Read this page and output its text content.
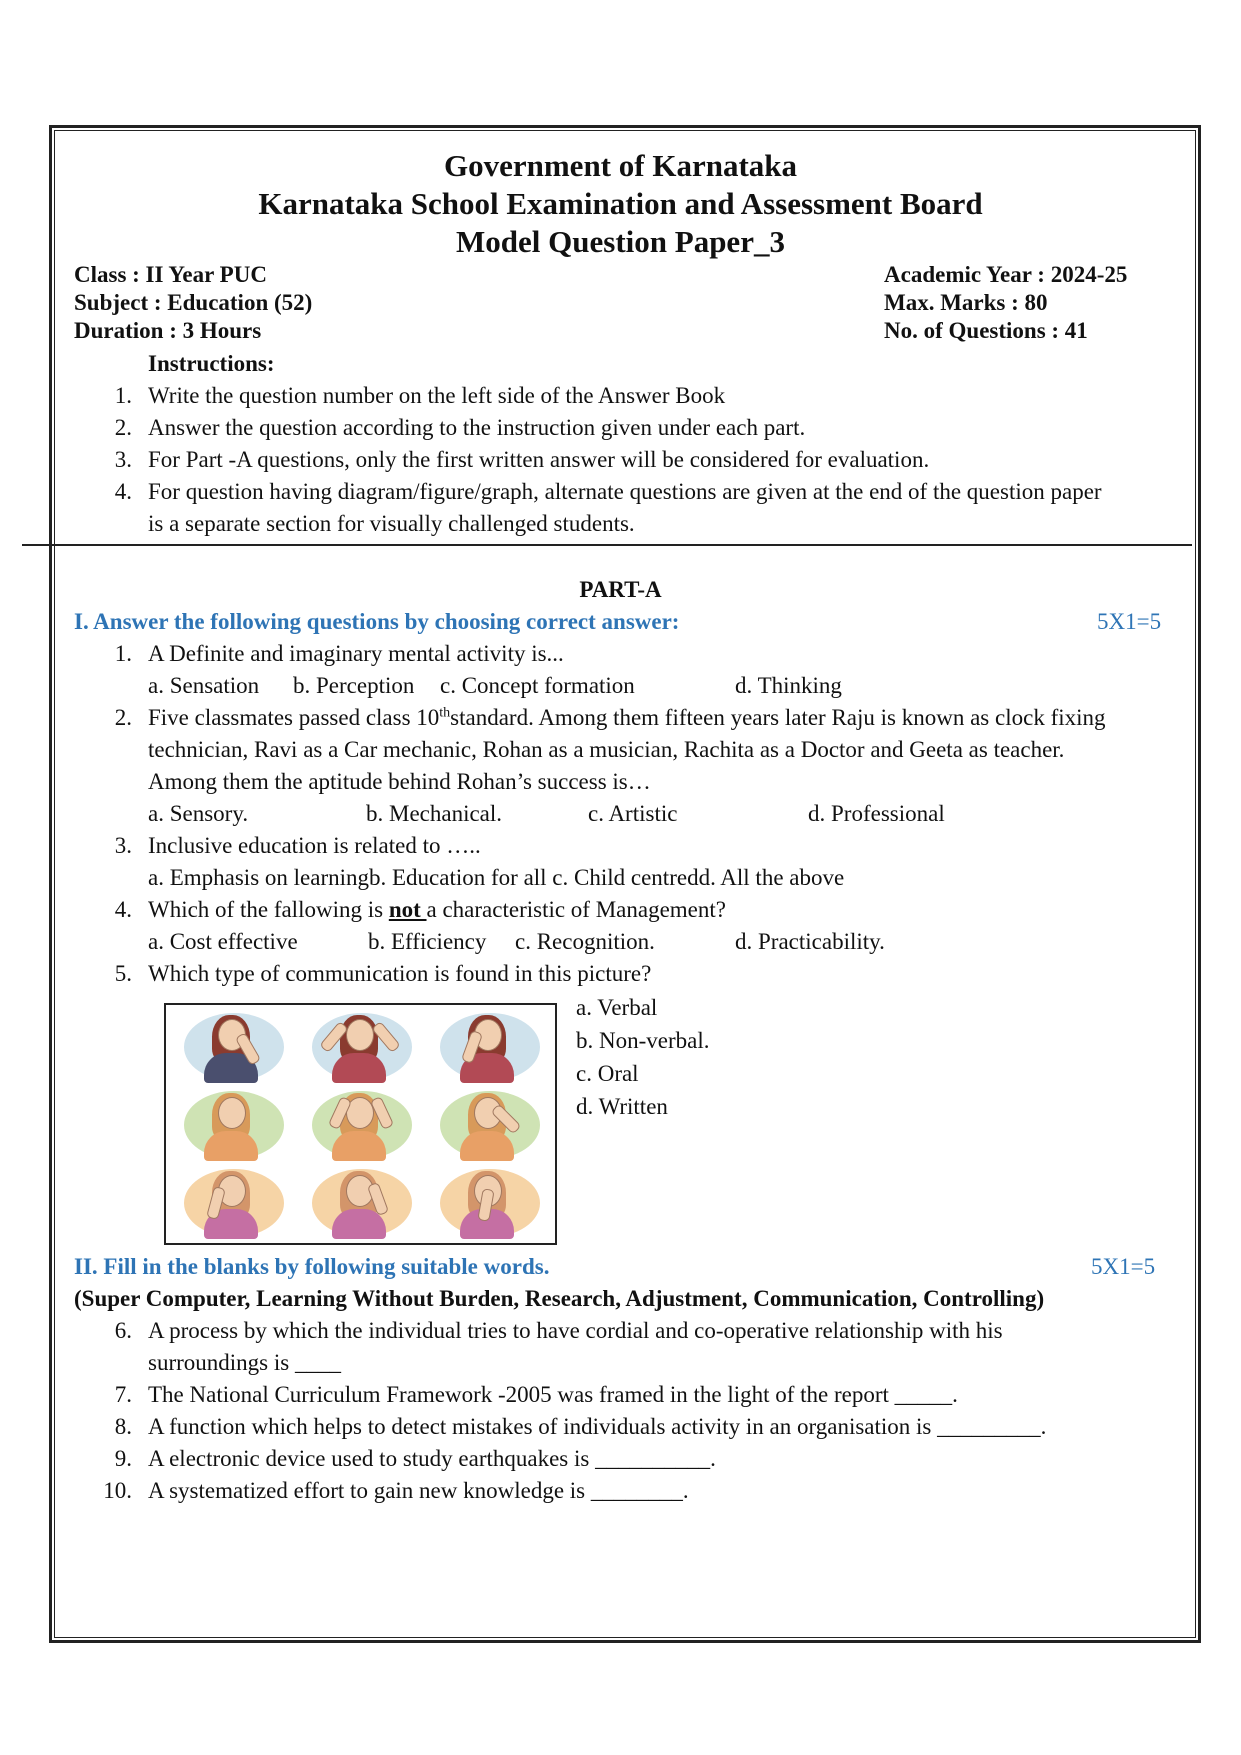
Government of Karnataka
Karnataka School Examination and Assessment Board
Model Question Paper_3
Class : II Year PUC
Subject : Education (52)
Duration : 3 Hours
Academic Year : 2024-25
Max. Marks : 80
No. of Questions : 41
Instructions:
1. Write the question number on the left side of the Answer Book
2. Answer the question according to the instruction given under each part.
3. For Part -A questions, only the first written answer will be considered for evaluation.
4. For question having diagram/figure/graph, alternate questions are given at the end of the question paper
is a separate section for visually challenged students.
PART-A
I. Answer the following questions by choosing correct answer:	5X1=5
1. A Definite and imaginary mental activity is...
a. Sensation b. Perception c. Concept formation	d. Thinking
2. Five classmates passed class 10thstandard. Among them fifteen years later Raju is known as clock fixing
technician, Ravi as a Car mechanic, Rohan as a musician, Rachita as a Doctor and Geeta as teacher.
Among them the aptitude behind Rohan’s success is…
a. Sensory.	b. Mechanical.	c. Artistic	d. Professional
3. Inclusive education is related to …..
a. Emphasis on learningb. Education for all c. Child centredd. All the above
4. Which of the fallowing is not a characteristic of Management?
a. Cost effective	b. Efficiency c. Recognition.	d. Practicability.
5. Which type of communication is found in this picture?
a. Verbal
b. Non-verbal.
c. Oral
d. Written
II. Fill in the blanks by following suitable words.	5X1=5
(Super Computer, Learning Without Burden, Research, Adjustment, Communication, Controlling)
6. A process by which the individual tries to have cordial and co-operative relationship with his
surroundings is ____
7. The National Curriculum Framework -2005 was framed in the light of the report _____.
8. A function which helps to detect mistakes of individuals activity in an organisation is _________.
9. A electronic device used to study earthquakes is __________.
10. A systematized effort to gain new knowledge is ________.
